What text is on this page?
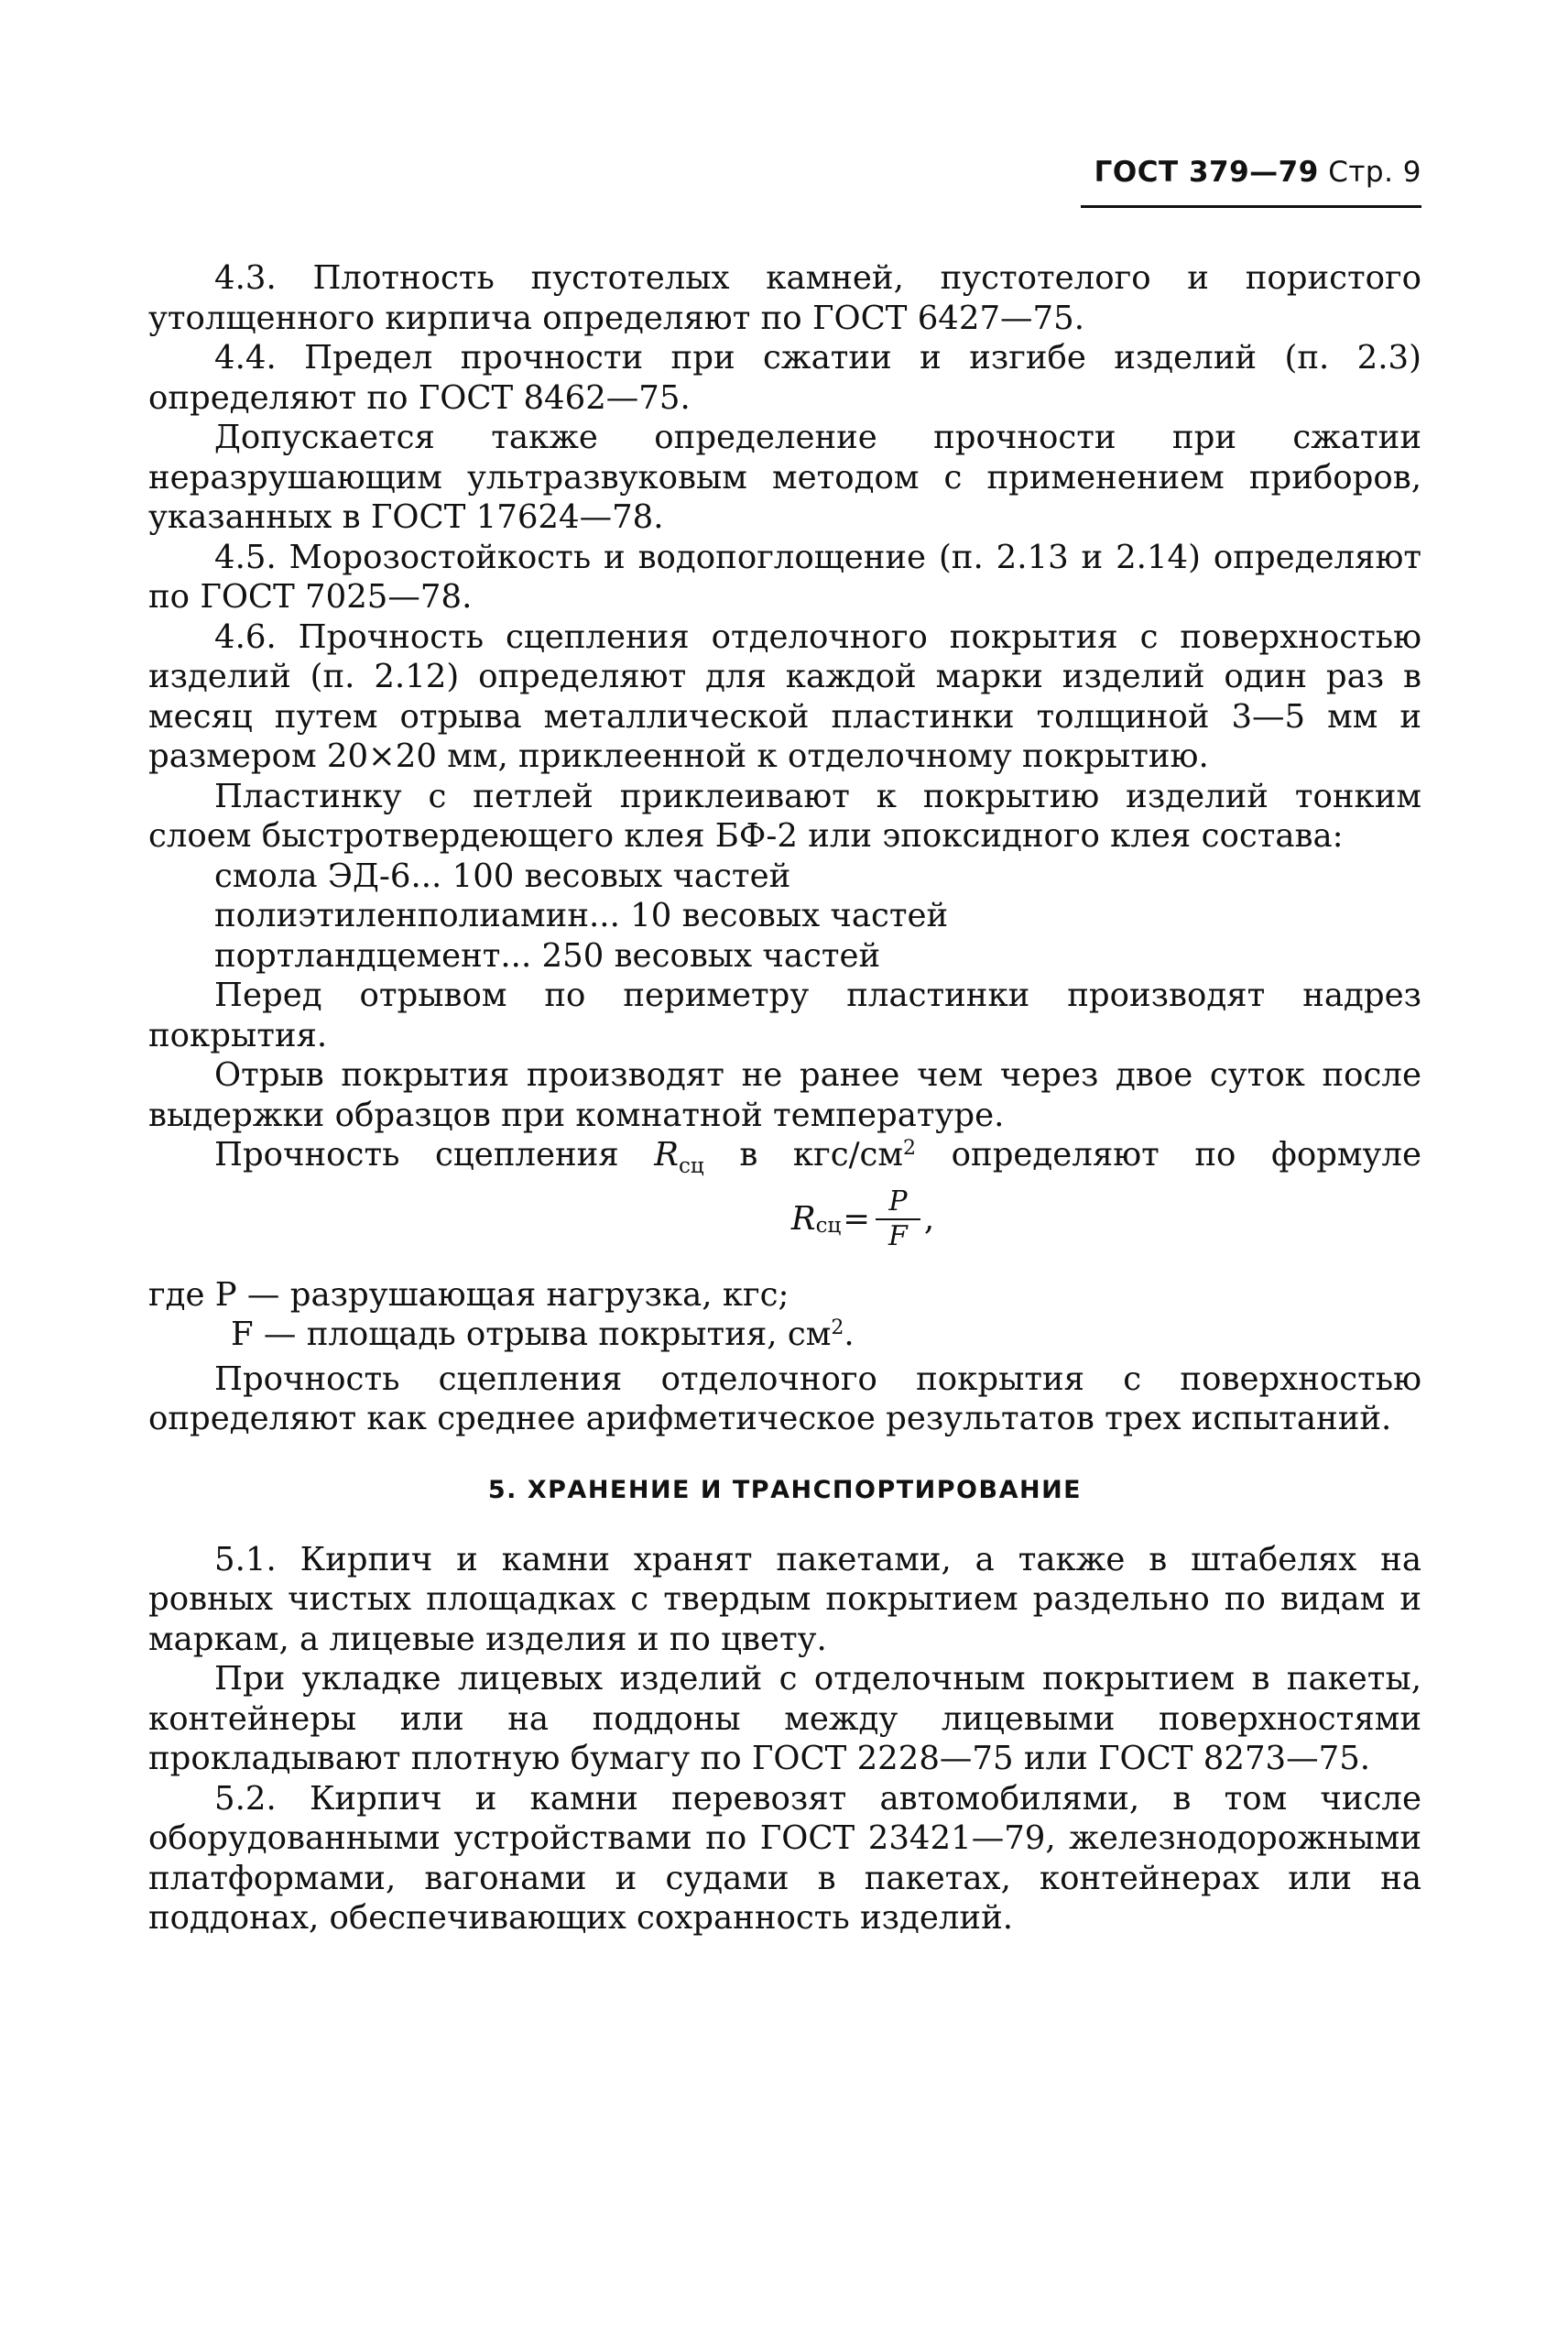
ГОСТ 379—79 Стр. 9

4.3. Плотность пустотелых камней, пустотелого и пористого утолщенного кирпича определяют по ГОСТ 6427—75.

4.4. Предел прочности при сжатии и изгибе изделий (п. 2.3) определяют по ГОСТ 8462—75.

Допускается также определение прочности при сжатии неразрушающим ультразвуковым методом с применением приборов, указанных в ГОСТ 17624—78.

4.5. Морозостойкость и водопоглощение (п. 2.13 и 2.14) определяют по ГОСТ 7025—78.

4.6. Прочность сцепления отделочного покрытия с поверхностью изделий (п. 2.12) определяют для каждой марки изделий один раз в месяц путем отрыва металлической пластинки толщиной 3—5 мм и размером 20×20 мм, приклеенной к отделочному покрытию.

Пластинку с петлей приклеивают к покрытию изделий тонким слоем быстротвердеющего клея БФ-2 или эпоксидного клея состава:

смола ЭД-6... 100 весовых частей

полиэтиленполиамин... 10 весовых частей

портландцемент... 250 весовых частей

Перед отрывом по периметру пластинки производят надрез покрытия.

Отрыв покрытия производят не ранее чем через двое суток после выдержки образцов при комнатной температуре.

Прочность сцепления $R_{сц}$ в кгс/$см^2$ определяют по формуле

R сц = $\frac{P}{F}$ ,

где P — разрушающая нагрузка, кгс;

F — площадь отрыва покрытия, $см^2$.

Прочность сцепления отделочного покрытия с поверхностью определяют как среднее арифметическое результатов трех испытаний.

5. ХРАНЕНИЕ И ТРАНСПОРТИРОВАНИЕ

5.1. Кирпич и камни хранят пакетами, а также в штабелях на ровных чистых площадках с твердым покрытием раздельно по видам и маркам, а лицевые изделия и по цвету.

При укладке лицевых изделий с отделочным покрытием в пакеты, контейнеры или на поддоны между лицевыми поверхностями прокладывают плотную бумагу по ГОСТ 2228—75 или ГОСТ 8273—75.

5.2. Кирпич и камни перевозят автомобилями, в том числе оборудованными устройствами по ГОСТ 23421—79, железнодорожными платформами, вагонами и судами в пакетах, контейнерах или на поддонах, обеспечивающих сохранность изделий.
